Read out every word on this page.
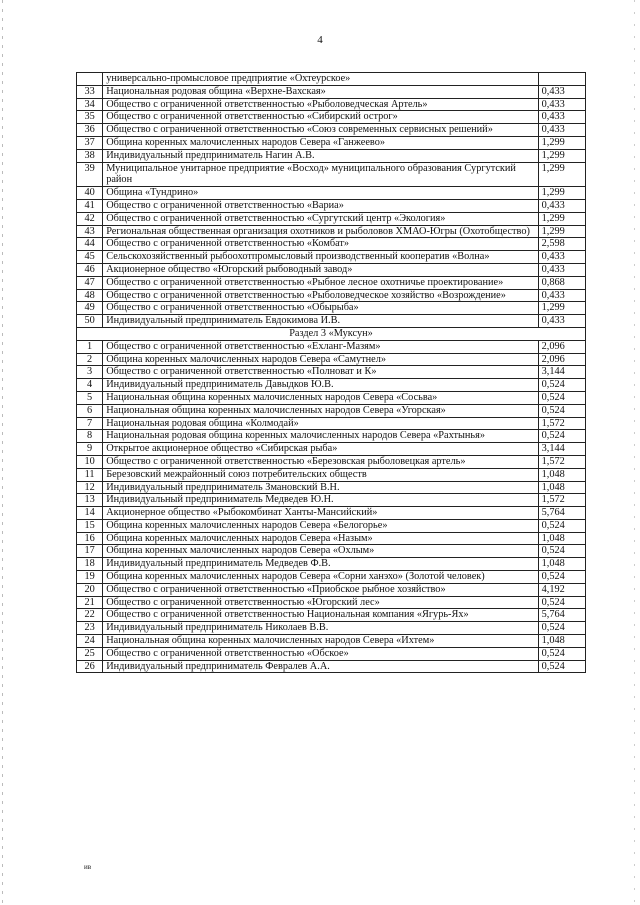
4
	универсально-промысловое предприятие «Охтеурское»	
33	Национальная родовая община «Верхне-Вахская»	0,433
34	Общество с ограниченной ответственностью «Рыболоведческая Артель»	0,433
35	Общество с ограниченной ответственностью «Сибирский острог»	0,433
36	Общество с ограниченной ответственностью «Союз современных сервисных решений»	0,433
37	Община коренных малочисленных народов Севера «Ганжеево»	1,299
38	Индивидуальный предприниматель Нагин А.В.	1,299
39	Муниципальное унитарное предприятие «Восход» муниципального образования Сургутский район	1,299
40	Община «Тундрино»	1,299
41	Общество с ограниченной ответственностью «Вариа»	0,433
42	Общество с ограниченной ответственностью «Сургутский центр «Экология»	1,299
43	Региональная общественная организация охотников и рыболовов ХМАО-Югры (Охотобщество)	1,299
44	Общество с ограниченной ответственностью «Комбат»	2,598
45	Сельскохозяйственный рыбоохотпромысловый производственный кооператив «Волна»	0,433
46	Акционерное общество «Югорский рыбоводный завод»	0,433
47	Общество с ограниченной ответственностью «Рыбное лесное охотничье проектирование»	0,868
48	Общество с ограниченной ответственностью «Рыболоведческое хозяйство «Возрождение»	0,433
49	Общество с ограниченной ответственностью «Обырыба»	1,299
50	Индивидуальный предприниматель Евдокимова И.В.	0,433
Раздел 3 «Муксун»		
1	Общество с ограниченной ответственностью «Ехланг-Мазям»	2,096
2	Община коренных малочисленных народов Севера «Самутнел»	2,096
3	Общество с ограниченной ответственностью «Полноват и К»	3,144
4	Индивидуальный предприниматель Давыдков Ю.В.	0,524
5	Национальная община коренных малочисленных народов Севера «Сосьва»	0,524
6	Национальная община коренных малочисленных народов Севера «Угорская»	0,524
7	Национальная родовая община «Колмодай»	1,572
8	Национальная родовая община коренных малочисленных народов Севера «Рахтынья»	0,524
9	Открытое акционерное общество «Сибирская рыба»	3,144
10	Общество с ограниченной ответственностью «Березовская рыболовецкая артель»	1,572
11	Березовский межрайонный союз потребительских обществ	1,048
12	Индивидуальный предприниматель Змановский В.Н.	1,048
13	Индивидуальный предприниматель Медведев Ю.Н.	1,572
14	Акционерное общество «Рыбокомбинат Ханты-Мансийский»	5,764
15	Община коренных малочисленных народов Севера «Белогорье»	0,524
16	Община коренных малочисленных народов Севера «Назым»	1,048
17	Община коренных малочисленных народов Севера «Охлым»	0,524
18	Индивидуальный предприниматель Медведев Ф.В.	1,048
19	Община коренных малочисленных народов Севера «Сорни ханэхо» (Золотой человек)	0,524
20	Общество с ограниченной ответственностью «Приобское рыбное хозяйство»	4,192
21	Общество с ограниченной ответственностью «Югорский лес»	0,524
22	Общество с ограниченной ответственностью Национальная компания «Ягурь-Ях»	5,764
23	Индивидуальный предприниматель Николаев В.В.	0,524
24	Национальная община коренных малочисленных народов Севера «Ихтем»	1,048
25	Общество с ограниченной ответственностью «Обское»	0,524
26	Индивидуальный предприниматель Февралев А.А.	0,524
ив
